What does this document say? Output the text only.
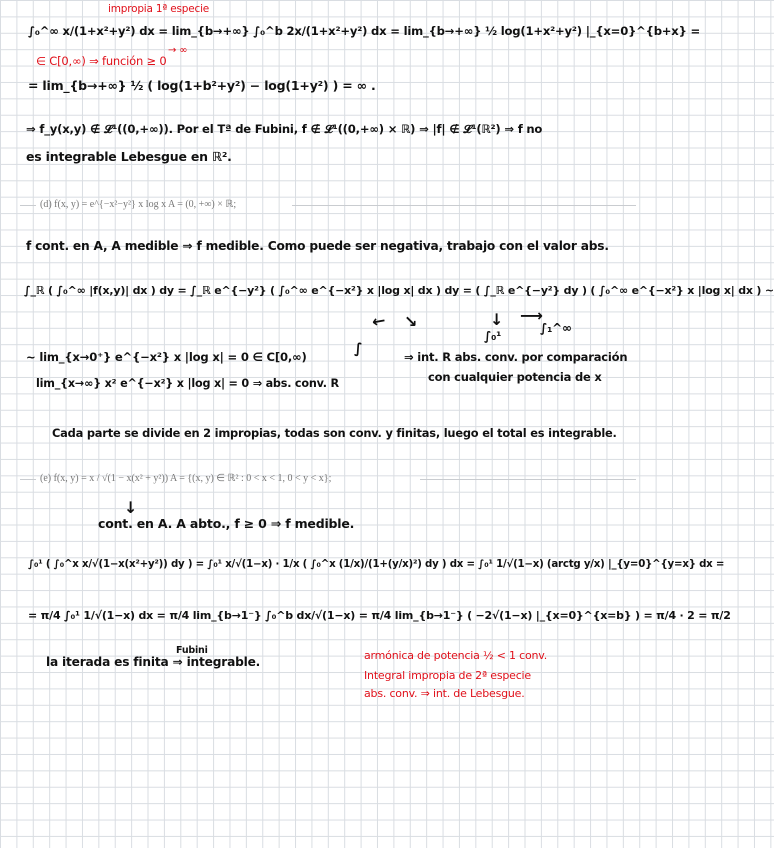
impropia 1ª especie
∫₀^∞ x/(1+x²+y²) dx = lim_{b→+∞} ∫₀^b 2x/(1+x²+y²) dx = lim_{b→+∞} ½ log(1+x²+y²) |_{x=0}^{b+x} =
→ ∞
∈ C[0,∞) ⇒ función ≥ 0
= lim_{b→+∞} ½ ( log(1+b²+y²) − log(1+y²) ) = ∞ .
⇒ f_y(x,y) ∉ 𝓛¹((0,+∞)). Por el Tª de Fubini, f ∉ 𝓛¹((0,+∞) × ℝ) ⇒ |f| ∉ 𝓛¹(ℝ²) ⇒ f no
es integrable Lebesgue en ℝ².
(d) f(x, y) = e^{−x²−y²} x log x A = (0, +∞) × ℝ;
f cont. en A, A medible ⇒ f medible. Como puede ser negativa, trabajo con el valor abs.
∫_ℝ ( ∫₀^∞ |f(x,y)| dx ) dy = ∫_ℝ e^{−y²} ( ∫₀^∞ e^{−x²} x |log x| dx ) dy = ( ∫_ℝ e^{−y²} dy ) ( ∫₀^∞ e^{−x²} x |log x| dx ) ~
↙ ↘	↓ ⟶
∫₀¹
∫₁^∞
∫
~ lim_{x→0⁺} e^{−x²} x |log x| = 0 ∈ C[0,∞)	⇒ int. R abs. conv. por comparación
lim_{x→∞} x² e^{−x²} x |log x| = 0 ⇒ abs. conv. R	con cualquier potencia de x
Cada parte se divide en 2 impropias, todas son conv. y finitas, luego el total es integrable.
(e) f(x, y) = x / √(1 − x(x² + y²)) A = {(x, y) ∈ ℝ² : 0 < x < 1, 0 < y < x};
↓
cont. en A. A abto., f ≥ 0 ⇒ f medible.
∫₀¹ ( ∫₀^x x/√(1−x(x²+y²)) dy ) = ∫₀¹ x/√(1−x) · 1/x ( ∫₀^x (1/x)/(1+(y/x)²) dy ) dx = ∫₀¹ 1/√(1−x) (arctg y/x) |_{y=0}^{y=x} dx =
= π/4 ∫₀¹ 1/√(1−x) dx = π/4 lim_{b→1⁻} ∫₀^b dx/√(1−x) = π/4 lim_{b→1⁻} ( −2√(1−x) |_{x=0}^{x=b} ) = π/4 · 2 = π/2
Fubini
la iterada es finita ⇒ integrable.	armónica de potencia ½ < 1 conv.
Integral impropia de 2ª especie
abs. conv. ⇒ int. de Lebesgue.
